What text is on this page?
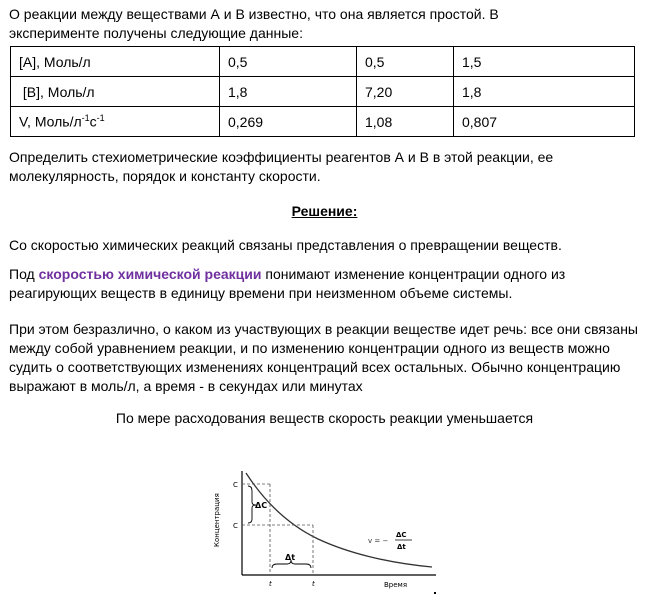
О реакции между веществами А и В известно, что она является простой. В эксперименте получены следующие данные:

[A], Моль/л	0,5	0,5	1,5
[B], Моль/л	1,8	7,20	1,8
V, Моль/$л^{-1}с^{-1}$	0,269	1,08	0,807

Определить стехиометрические коэффициенты реагентов А и В в этой реакции, ее молекулярность, порядок и константу скорости.

Решение:

Со скоростью химических реакций связаны представления о превращении веществ.

Под скоростью химической реакции понимают изменение концентрации одного из реагирующих веществ в единицу времени при неизменном объеме системы.

При этом безразлично, о каком из участвующих в реакции веществе идет речь: все они связаны между собой уравнением реакции, и по изменению концентрации одного из веществ можно судить о соответствующих изменениях концентраций всех остальных. Обычно концентрацию выражают в моль/л, а время - в секундах или минутах

По мере расходования веществ скорость реакции уменьшается

Концентрация
C
C
ΔC
Δt
t	t	Время
v = −
ΔC
Δt
